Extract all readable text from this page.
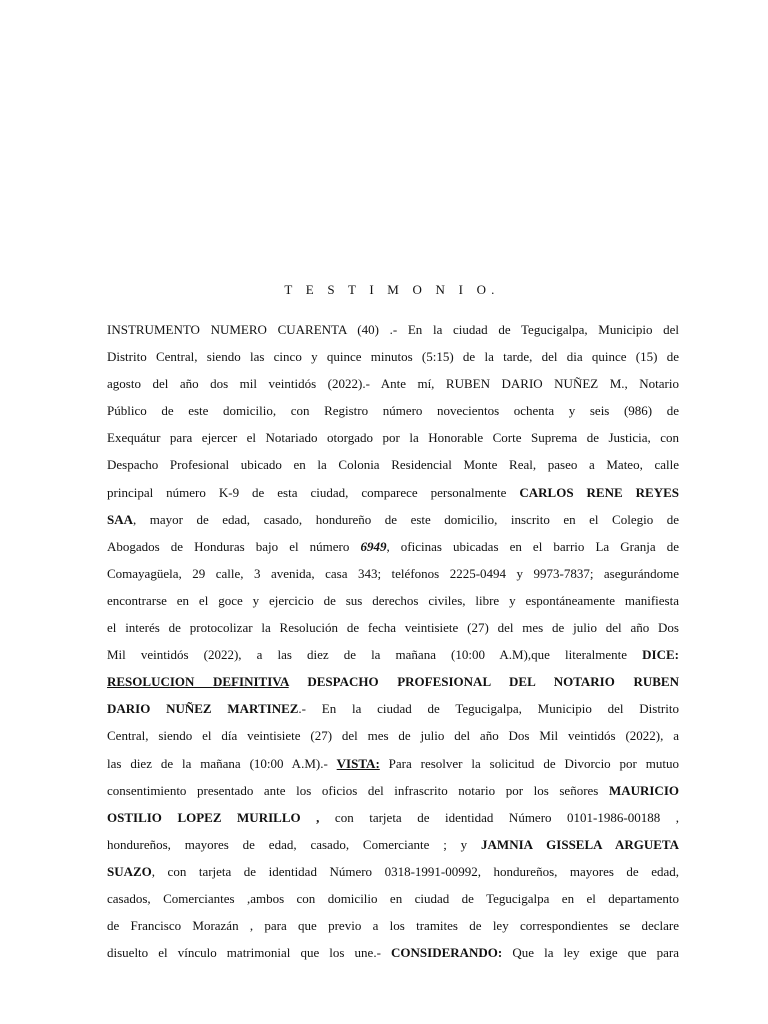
T E S T I M O N I O.
INSTRUMENTO NUMERO CUARENTA (40) .- En la ciudad de Tegucigalpa, Municipio del
Distrito Central, siendo las cinco y quince minutos (5:15) de la tarde, del dia quince (15) de
agosto del año dos mil veintidós (2022).- Ante mí, RUBEN DARIO NUÑEZ M., Notario
Público de este domicilio, con Registro número novecientos ochenta y seis (986) de
Exequátur para ejercer el Notariado otorgado por la Honorable Corte Suprema de Justicia, con
Despacho Profesional ubicado en la Colonia Residencial Monte Real, paseo a Mateo, calle
principal número K-9 de esta ciudad, comparece personalmente CARLOS RENE REYES
SAA, mayor de edad, casado, hondureño de este domicilio, inscrito en el Colegio de
Abogados de Honduras bajo el número 6949, oficinas ubicadas en el barrio La Granja de
Comayagüela, 29 calle, 3 avenida, casa 343; teléfonos 2225-0494 y 9973-7837; asegurándome
encontrarse en el goce y ejercicio de sus derechos civiles, libre y espontáneamente manifiesta
el interés de protocolizar la Resolución de fecha veintisiete (27) del mes de julio del año Dos
Mil veintidós (2022), a las diez de la mañana (10:00 A.M),que literalmente DICE:
RESOLUCION DEFINITIVA DESPACHO PROFESIONAL DEL NOTARIO RUBEN
DARIO NUÑEZ MARTINEZ.- En la ciudad de Tegucigalpa, Municipio del Distrito
Central, siendo el día veintisiete (27) del mes de julio del año Dos Mil veintidós (2022), a
las diez de la mañana (10:00 A.M).- VISTA: Para resolver la solicitud de Divorcio por mutuo
consentimiento presentado ante los oficios del infrascrito notario por los señores MAURICIO
OSTILIO LOPEZ MURILLO , con tarjeta de identidad Número 0101-1986-00188 ,
hondureños, mayores de edad, casado, Comerciante ; y JAMNIA GISSELA ARGUETA
SUAZO, con tarjeta de identidad Número 0318-1991-00992, hondureños, mayores de edad,
casados, Comerciantes ,ambos con domicilio en ciudad de Tegucigalpa en el departamento
de Francisco Morazán , para que previo a los tramites de ley correspondientes se declare
disuelto el vínculo matrimonial que los une.- CONSIDERANDO: Que la ley exige que para
